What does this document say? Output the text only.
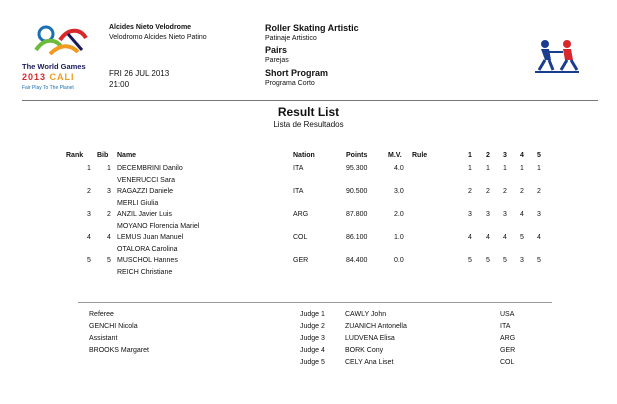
The World Games
2013 CALI
Fair Play To The Planet
Alcides Nieto Velodrome
Velodromo Alcides Nieto Patino
FRI 26 JUL 2013
21:00
Roller Skating Artistic
Patinaje Artistico
Pairs
Parejas
Short Program
Programa Corto
Result List
Lista de Resultados
Rank Bib Name	Nation	Points	M.V. Rule	1 2 3 4 5
1 1 DECEMBRINI Danilo
VENERUCCI Sara
ITA	95.300	4.0	1 1 1 1 1
2 3 RAGAZZI Daniele
MERLI Giulia
ITA	90.500	3.0	2 2 2 2 2
3 2 ANZIL Javier Luis
MOYANO Florencia Mariel
ARG	87.800	2.0	3 3 3 4 3
4 4 LEMUS Juan Manuel
OTALORA Carolina
COL	86.100	1.0	4 4 4 5 4
5 5 MUSCHOL Hannes
REICH Christiane
GER	84.400	0.0	5 5 5 3 5
Referee
GENCHI Nicola
Assistant
BROOKS Margaret
Judge 1	CAWLY John	USA
Judge 2	ZUANICH Antonella	ITA
Judge 3	LUDVENA Elisa	ARG
Judge 4	BORK Cony	GER
Judge 5	CELY Ana Liset	COL
